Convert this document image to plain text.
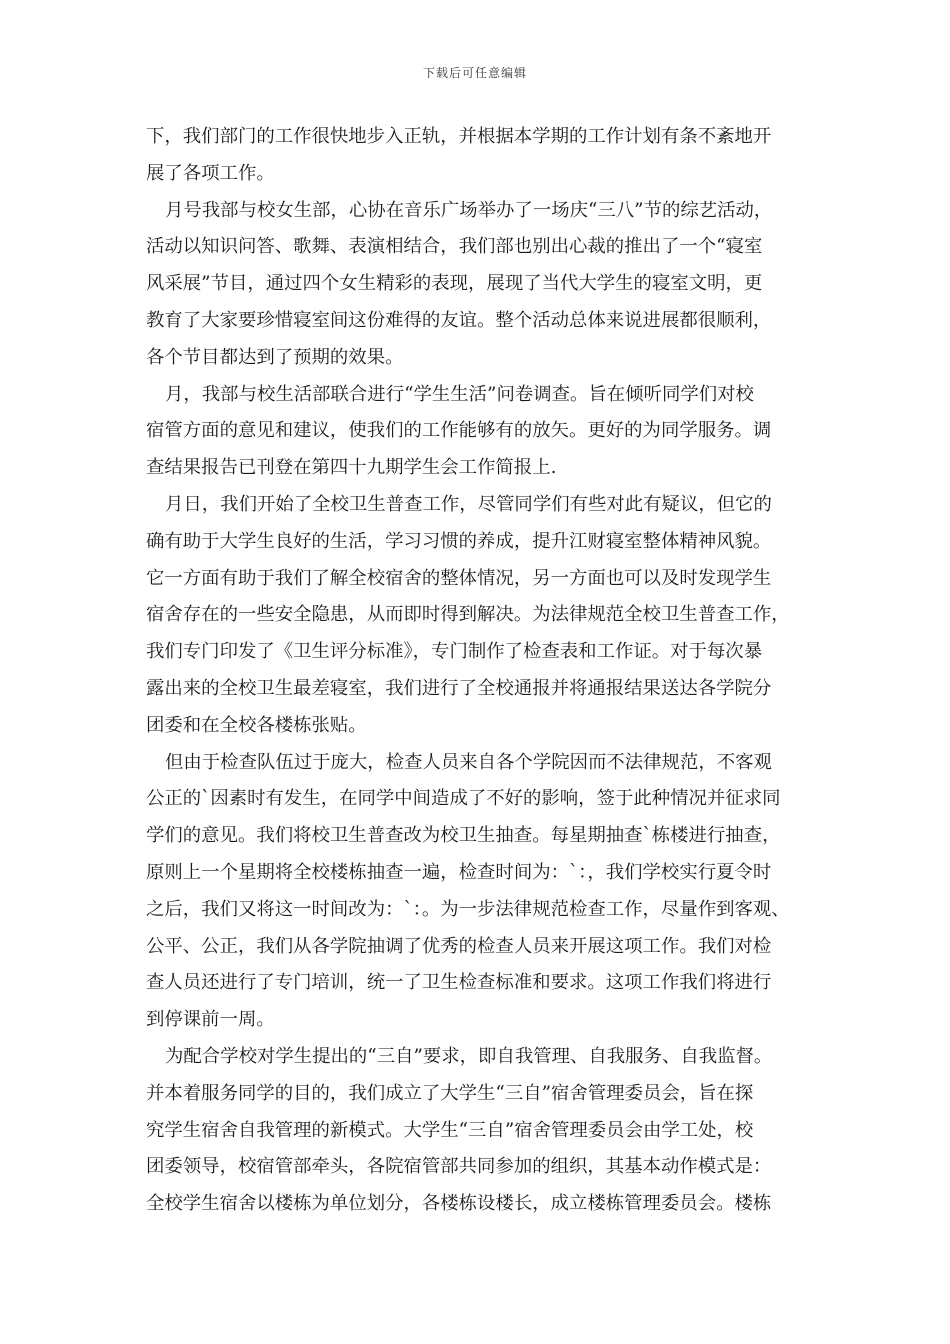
下载后可任意编辑

下，我们部门的工作很快地步入正轨，并根据本学期的工作计划有条不紊地开
展了各项工作。

月号我部与校女生部，心协在音乐广场举办了一场庆“三八”节的综艺活动，
活动以知识问答、歌舞、表演相结合，我们部也别出心裁的推出了一个“寝室
风采展”节目，通过四个女生精彩的表现，展现了当代大学生的寝室文明，更
教育了大家要珍惜寝室间这份难得的友谊。整个活动总体来说进展都很顺利，
各个节目都达到了预期的效果。

月，我部与校生活部联合进行“学生生活”问卷调查。旨在倾听同学们对校
宿管方面的意见和建议，使我们的工作能够有的放矢。更好的为同学服务。调
查结果报告已刊登在第四十九期学生会工作简报上.

月日，我们开始了全校卫生普查工作，尽管同学们有些对此有疑议，但它的
确有助于大学生良好的生活，学习习惯的养成，提升江财寝室整体精神风貌。
它一方面有助于我们了解全校宿舍的整体情况，另一方面也可以及时发现学生
宿舍存在的一些安全隐患，从而即时得到解决。为法律规范全校卫生普查工作，
我们专门印发了《卫生评分标准》，专门制作了检查表和工作证。对于每次暴
露出来的全校卫生最差寝室，我们进行了全校通报并将通报结果送达各学院分
团委和在全校各楼栋张贴。

但由于检查队伍过于庞大，检查人员来自各个学院因而不法律规范，不客观
公正的`因素时有发生，在同学中间造成了不好的影响，签于此种情况并征求同
学们的意见。我们将校卫生普查改为校卫生抽查。每星期抽查`栋楼进行抽查，
原则上一个星期将全校楼栋抽查一遍，检查时间为：`：，我们学校实行夏令时
之后，我们又将这一时间改为：`：。为一步法律规范检查工作，尽量作到客观、
公平、公正，我们从各学院抽调了优秀的检查人员来开展这项工作。我们对检
查人员还进行了专门培训，统一了卫生检查标准和要求。这项工作我们将进行
到停课前一周。

为配合学校对学生提出的“三自”要求，即自我管理、自我服务、自我监督。
并本着服务同学的目的，我们成立了大学生“三自”宿舍管理委员会，旨在探
究学生宿舍自我管理的新模式。大学生“三自”宿舍管理委员会由学工处，校
团委领导，校宿管部牵头，各院宿管部共同参加的组织，其基本动作模式是：
全校学生宿舍以楼栋为单位划分，各楼栋设楼长，成立楼栋管理委员会。楼栋
